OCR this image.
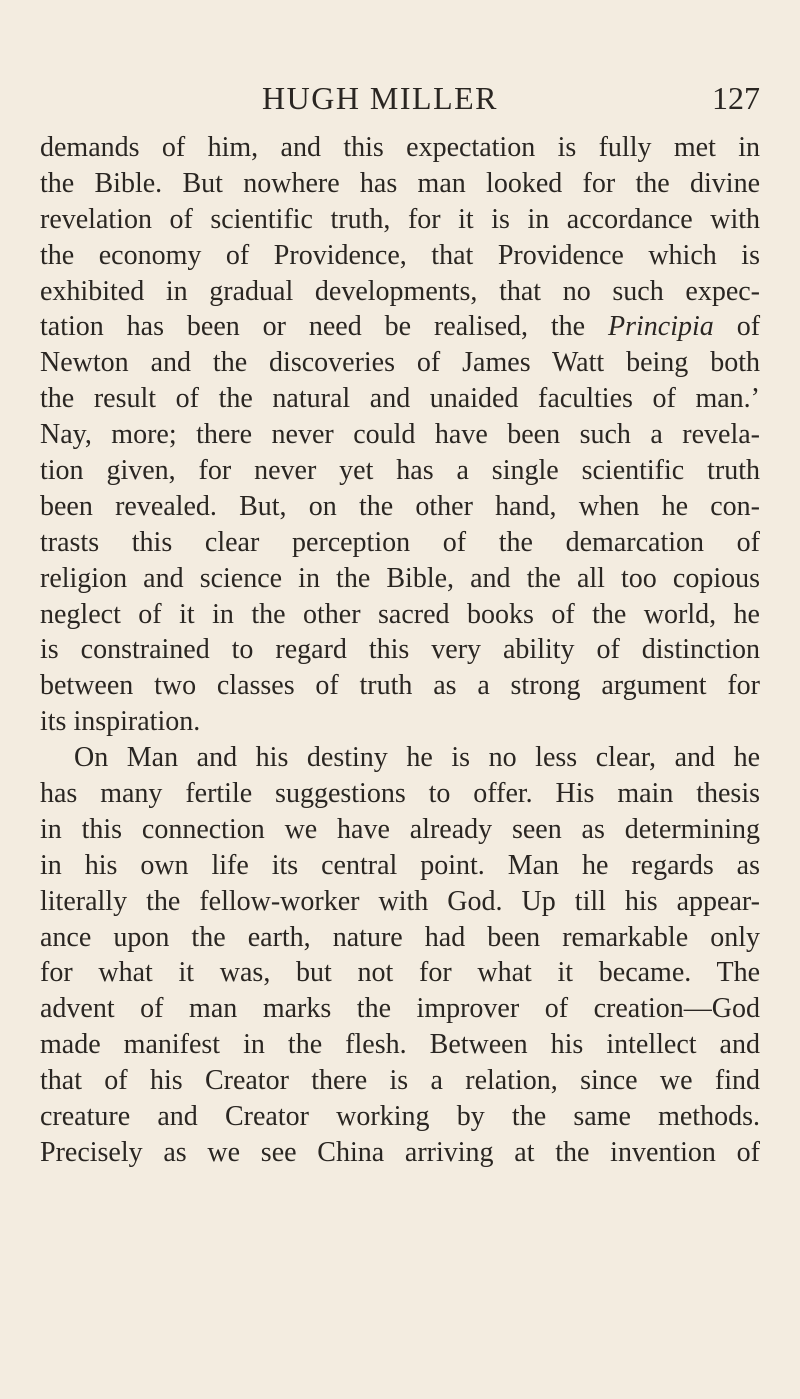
HUGH MILLER	127
demands of him, and this expectation is fully met in
the Bible. But nowhere has man looked for the divine
revelation of scientific truth, for it is in accordance with
the economy of Providence, that Providence which is
exhibited in gradual developments, that no such expec-
tation has been or need be realised, the Principia of
Newton and the discoveries of James Watt being both
the result of the natural and unaided faculties of man.’
Nay, more; there never could have been such a revela-
tion given, for never yet has a single scientific truth
been revealed. But, on the other hand, when he con-
trasts this clear perception of the demarcation of
religion and science in the Bible, and the all too copious
neglect of it in the other sacred books of the world, he
is constrained to regard this very ability of distinction
between two classes of truth as a strong argument for
its inspiration.
On Man and his destiny he is no less clear, and he
has many fertile suggestions to offer. His main thesis
in this connection we have already seen as determining
in his own life its central point. Man he regards as
literally the fellow-worker with God. Up till his appear-
ance upon the earth, nature had been remarkable only
for what it was, but not for what it became. The
advent of man marks the improver of creation—God
made manifest in the flesh. Between his intellect and
that of his Creator there is a relation, since we find
creature and Creator working by the same methods.
Precisely as we see China arriving at the invention of
